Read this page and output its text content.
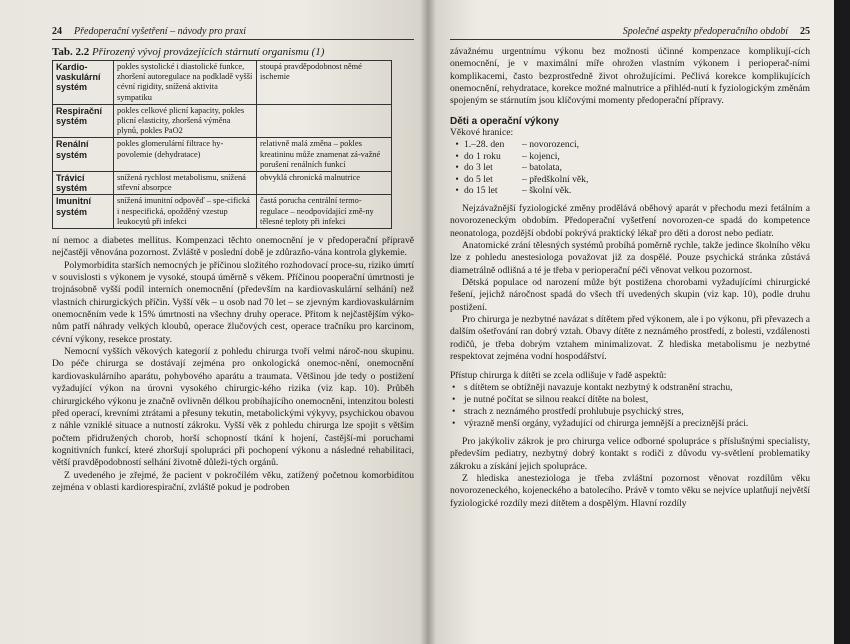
24 Předoperační vyšetření – návody pro praxi
Tab. 2.2 Přirozený vývoj provázejících stárnutí organismu (1)
Kardio-vaskulární systém	pokles systolické i diastolické funkce, zhoršení autoregulace na podkladě vyšší cévní rigidity, snížená aktivita sympatiku	stoupá pravděpodobnost němé ischemie
Respirační systém	pokles celkové plicní kapacity, pokles plicní elasticity, zhoršená výměna plynů, pokles PaO2	
Renální systém	pokles glomerulární filtrace hy-povolemie (dehydratace)	relativně malá změna – pokles kreatininu může znamenat zá-važné porušení renálních funkcí
Trávicí systém	snížená rychlost metabolismu, snížená střevní absorpce	obvyklá chronická malnutrice
Imunitní systém	snížená imunitní odpověď – spe-cifická i nespecifická, opožděný vzestup leukocytů při infekci	častá porucha centrální termo-regulace – neodpovídající změ-ny tělesné teploty při infekci

ní nemoc a diabetes mellitus. Kompenzaci těchto onemocnění je v předoperační přípravě nejčastěji věnována pozornost. Zvláště v poslední době je zdůrazňo-vána kontrola glykemie.

Polymorbidita starších nemocných je příčinou složitého rozhodovací proce-su, riziko úmrtí v souvislosti s výkonem je vysoké, stoupá úměrně s věkem. Příčinou pooperační úmrtnosti je trojnásobně vyšší podíl interních onemocnění (především na kardiovaskulární selhání) než vlastních chirurgických příčin. Vyšší věk – u osob nad 70 let – se zjevným kardiovaskulárním onemocněním vede k 15% úmrtnosti na všechny druhy operace. Přitom k nejčastějším výko-nům patří náhrady velkých kloubů, operace žlučových cest, operace tračníku pro karcinom, cévní výkony, resekce prostaty.

Nemocní vyšších věkových kategorií z pohledu chirurga tvoří velmi nároč-nou skupinu. Do péče chirurga se dostávají zejména pro onkologická onemoc-nění, onemocnění kardiovaskulárního aparátu, pohybového aparátu a traumata. Většinou jde tedy o postižení vyžadující výkon na úrovni vysokého chirurgic-kého rizika (viz kap. 10). Průběh chirurgického výkonu je značně ovlivněn délkou probíhajícího onemocnění, intenzitou bolesti před operací, krevními ztrátami a přesuny tekutin, metabolickými výkyvy, psychickou obavou z náhle vzniklé situace a nutností zákroku. Vyšší věk z pohledu chirurga lze spojit s větším počtem přidružených chorob, horší schopností tkání k hojení, častější-mi poruchami kognitivních funkcí, které zhoršují spolupráci při pochopení výkonu a následné rehabilitaci, větší pravděpodobností selhání životně důleži-tých orgánů.

Z uvedeného je zřejmé, že pacient v pokročilém věku, zatížený početnou komorbiditou zejména v oblasti kardiorespirační, zvláště pokud je podroben

Společné aspekty předoperačního období 25

závažnému urgentnímu výkonu bez možnosti účinné kompenzace komplikují-cích onemocnění, je v maximální míře ohrožen vlastním výkonem i perioperač-ními komplikacemi, často bezprostředně život ohrožujícími. Pečlivá korekce komplikujících onemocnění, rehydratace, korekce možné malnutrice a přihléd-nutí k fyziologickým změnám spojeným se stárnutím jsou klíčovými momenty předoperační přípravy.

Děti a operační výkony

Věkové hranice:

• 1.–28. den	– novorozenci,
• do 1 roku	– kojenci,
• do 3 let	– batolata,
• do 5 let	– předškolní věk,
• do 15 let	– školní věk.

Nejzávažnější fyziologické změny prodělává oběhový aparát v přechodu mezi fetálním a novorozeneckým obdobím. Předoperační vyšetření novorozen-ce spadá do kompetence neonatologa, pozdější období pokrývá praktický lékař pro děti a dorost nebo pediatr.

Anatomické zrání tělesných systémů probíhá poměrně rychle, takže jedince školního věku lze z pohledu anestesiologa považovat již za dospělé. Pouze psychická stránka zůstává diametrálně odlišná a té je třeba v perioperační péči věnovat velkou pozornost.

Dětská populace od narození může být postižena chorobami vyžadujícími chirurgické řešení, jejichž náročnost spadá do všech tří uvedených skupin (viz kap. 10), podle druhu postižení.

Pro chirurga je nezbytné navázat s dítětem před výkonem, ale i po výkonu, při převazech a dalším ošetřování ran dobrý vztah. Obavy dítěte z neznámého prostředí, z bolesti, vzdálenosti rodičů, je třeba dobrým vztahem minimalizovat. Z hlediska metabolismu je nezbytné respektovat zejména vodní hospodářství.

Přístup chirurga k dítěti se zcela odlišuje v řadě aspektů:

• s dítětem se obtížněji navazuje kontakt nezbytný k odstranění strachu,
• je nutné počítat se silnou reakcí dítěte na bolest,
• strach z neznámého prostředí prohlubuje psychický stres,
• výrazně menší orgány, vyžadující od chirurga jemnější a preciznější práci.

Pro jakýkoliv zákrok je pro chirurga velice odborné spolupráce s příslušnými specialisty, především pediatry, nezbytný dobrý kontakt s rodiči z důvodu vy-světlení problematiky zákroku a získání jejich spolupráce.

Z hlediska anesteziologa je třeba zvláštní pozornost věnovat rozdílům věku novorozeneckého, kojeneckého a batolecího. Právě v tomto věku se nejvíce uplatňují největší fyziologické rozdíly mezi dítětem a dospělým. Hlavní rozdíly
